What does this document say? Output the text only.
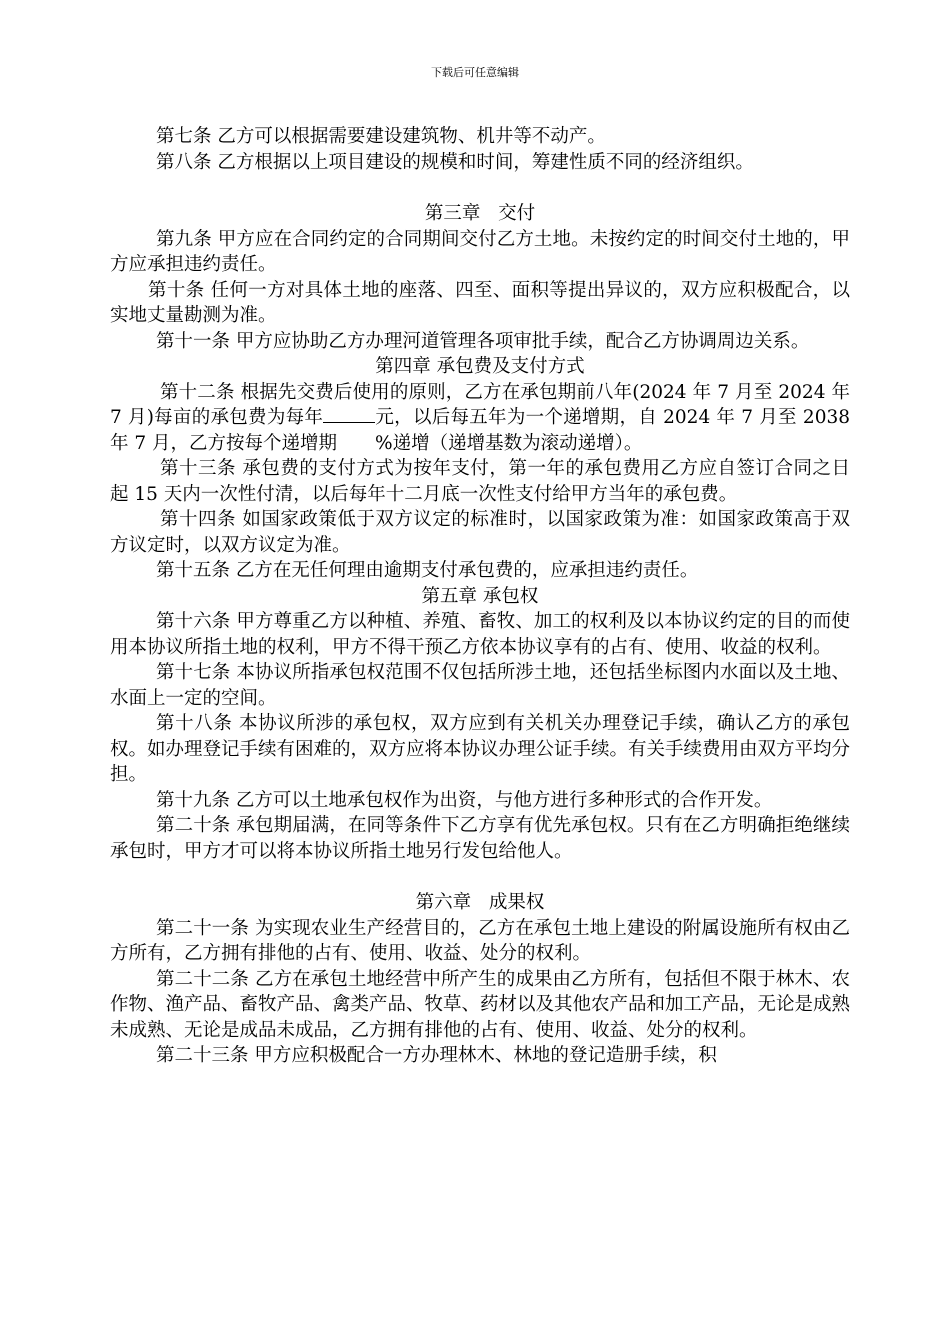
下载后可任意编辑

第七条 乙方可以根据需要建设建筑物、机井等不动产。

第八条 乙方根据以上项目建设的规模和时间，筹建性质不同的经济组织。

第三章   交付

第九条 甲方应在合同约定的合同期间交付乙方土地。未按约定的时间交付土地的，甲方应承担违约责任。

第十条 任何一方对具体土地的座落、四至、面积等提出异议的，双方应积极配合，以实地丈量勘测为准。

第十一条 甲方应协助乙方办理河道管理各项审批手续，配合乙方协调周边关系。

第四章 承包费及支付方式

第十二条 根据先交费后使用的原则，乙方在承包期前八年(2024 年 7 月至 2024 年 7 月)每亩的承包费为每年	元，以后每五年为一个递增期，自 2024 年 7 月至 2038 年 7 月，乙方按每个递增期 %递增（递增基数为滚动递增）。

第十三条 承包费的支付方式为按年支付，第一年的承包费用乙方应自签订合同之日起 15 天内一次性付清，以后每年十二月底一次性支付给甲方当年的承包费。

第十四条 如国家政策低于双方议定的标准时，以国家政策为准：如国家政策高于双方议定时，以双方议定为准。

第十五条 乙方在无任何理由逾期支付承包费的，应承担违约责任。

第五章 承包权

第十六条 甲方尊重乙方以种植、养殖、畜牧、加工的权利及以本协议约定的目的而使用本协议所指土地的权利，甲方不得干预乙方依本协议享有的占有、使用、收益的权利。

第十七条 本协议所指承包权范围不仅包括所涉土地，还包括坐标图内水面以及土地、水面上一定的空间。

第十八条 本协议所涉的承包权，双方应到有关机关办理登记手续，确认乙方的承包权。如办理登记手续有困难的，双方应将本协议办理公证手续。有关手续费用由双方平均分担。

第十九条 乙方可以土地承包权作为出资，与他方进行多种形式的合作开发。

第二十条 承包期届满，在同等条件下乙方享有优先承包权。只有在乙方明确拒绝继续承包时，甲方才可以将本协议所指土地另行发包给他人。

第六章   成果权

第二十一条 为实现农业生产经营目的，乙方在承包土地上建设的附属设施所有权由乙方所有，乙方拥有排他的占有、使用、收益、处分的权利。

第二十二条 乙方在承包土地经营中所产生的成果由乙方所有，包括但不限于林木、农作物、渔产品、畜牧产品、禽类产品、牧草、药材以及其他农产品和加工产品，无论是成熟未成熟、无论是成品未成品，乙方拥有排他的占有、使用、收益、处分的权利。

第二十三条 甲方应积极配合一方办理林木、林地的登记造册手续，积
